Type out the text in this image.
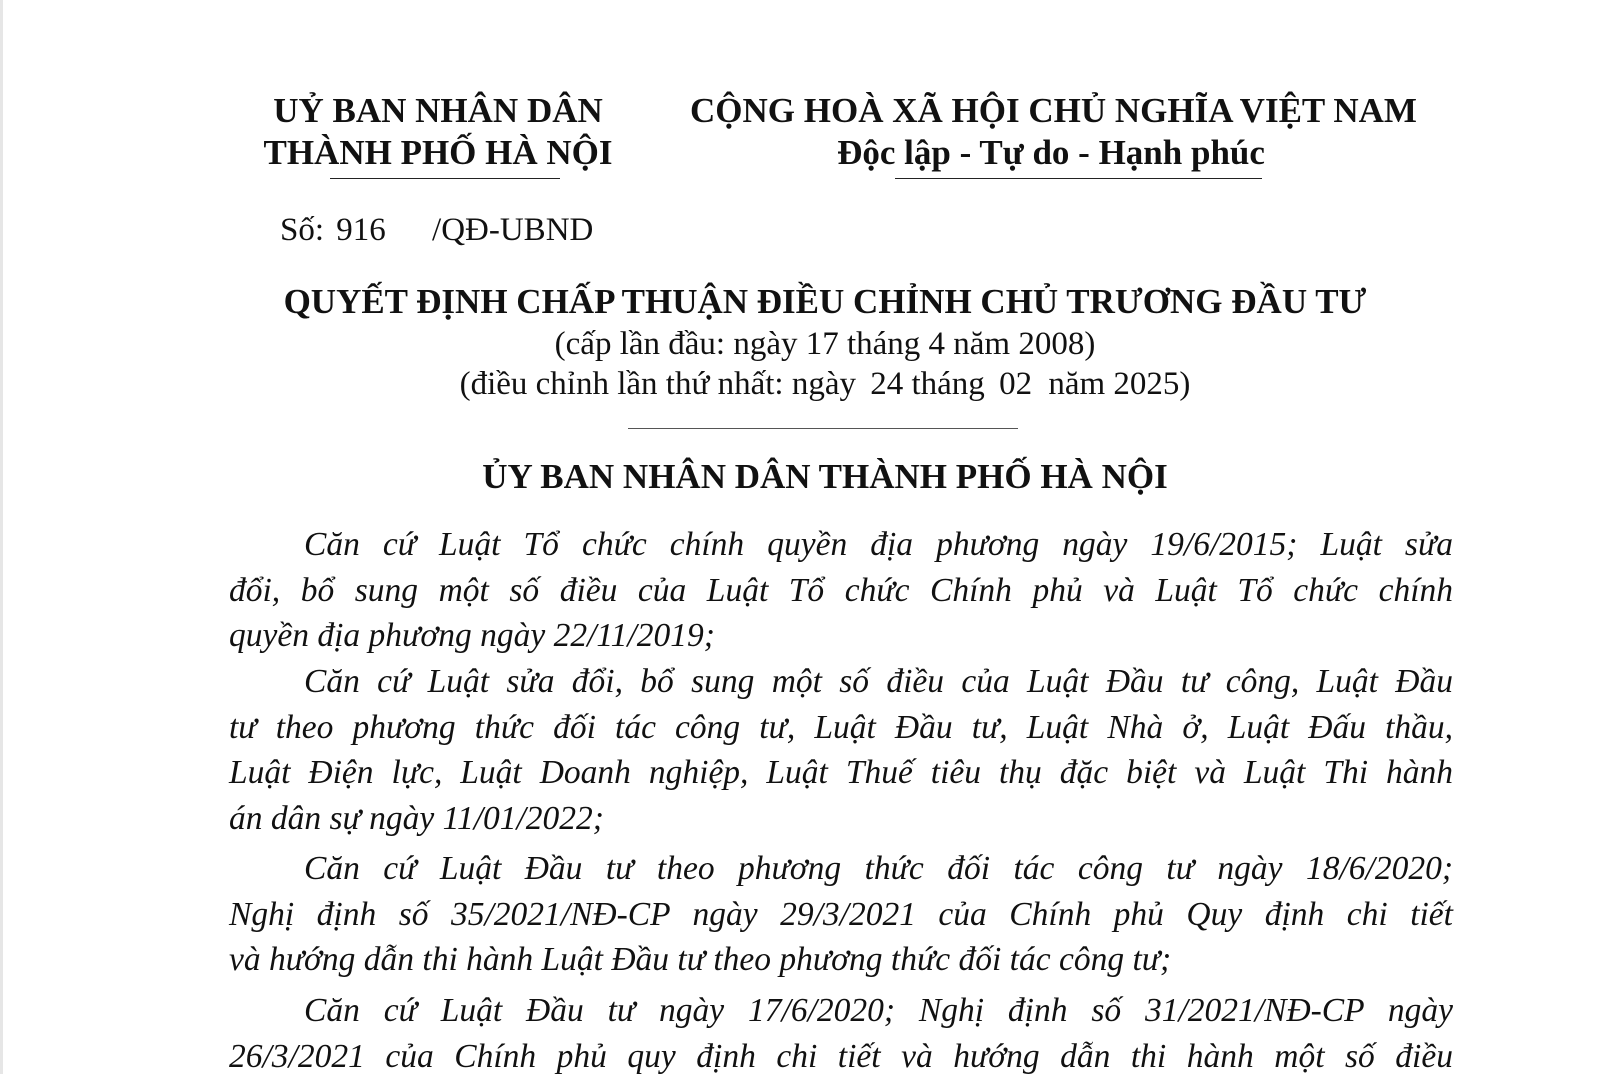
UỶ BAN NHÂN DÂN
THÀNH PHỐ HÀ NỘI
CỘNG HOÀ XÃ HỘI CHỦ NGHĨA VIỆT NAM
Độc lập - Tự do - Hạnh phúc
Số: 916 /QĐ-UBND
QUYẾT ĐỊNH CHẤP THUẬN ĐIỀU CHỈNH CHỦ TRƯƠNG ĐẦU TƯ
(cấp lần đầu: ngày 17 tháng 4 năm 2008)
(điều chỉnh lần thứ nhất: ngày 24 tháng 02 năm 2025)
ỦY BAN NHÂN DÂN THÀNH PHỐ HÀ NỘI
Căn cứ Luật Tổ chức chính quyền địa phương ngày 19/6/2015; Luật sửa
đổi, bổ sung một số điều của Luật Tổ chức Chính phủ và Luật Tổ chức chính
quyền địa phương ngày 22/11/2019;
Căn cứ Luật sửa đổi, bổ sung một số điều của Luật Đầu tư công, Luật Đầu
tư theo phương thức đối tác công tư, Luật Đầu tư, Luật Nhà ở, Luật Đấu thầu,
Luật Điện lực, Luật Doanh nghiệp, Luật Thuế tiêu thụ đặc biệt và Luật Thi hành
án dân sự ngày 11/01/2022;
Căn cứ Luật Đầu tư theo phương thức đối tác công tư ngày 18/6/2020;
Nghị định số 35/2021/NĐ-CP ngày 29/3/2021 của Chính phủ Quy định chi tiết
và hướng dẫn thi hành Luật Đầu tư theo phương thức đối tác công tư;
Căn cứ Luật Đầu tư ngày 17/6/2020; Nghị định số 31/2021/NĐ-CP ngày
26/3/2021 của Chính phủ quy định chi tiết và hướng dẫn thi hành một số điều
